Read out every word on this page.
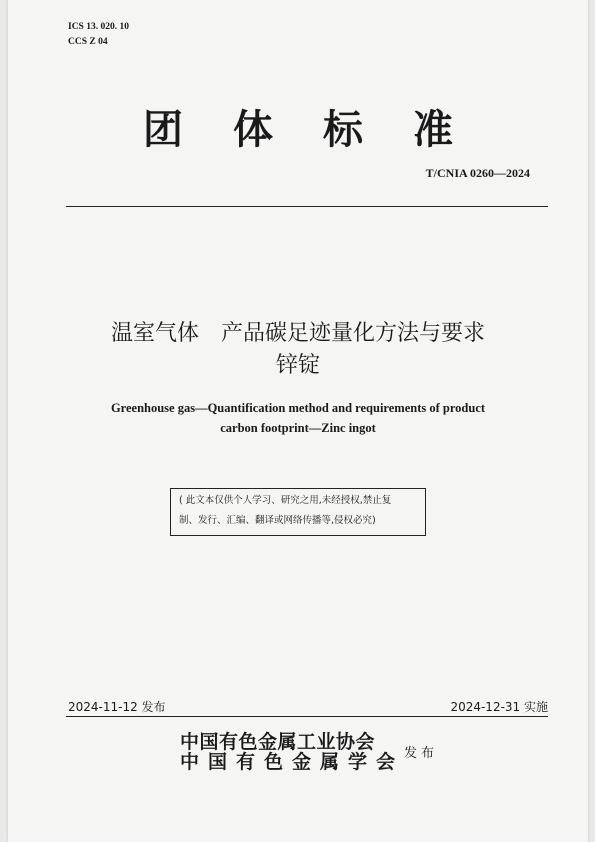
ICS 13. 020. 10
CCS Z 04
团体标准
T/CNIA 0260—2024
温室气体　产品碳足迹量化方法与要求
锌锭
Greenhouse gas—Quantification method and requirements of product
carbon footprint—Zinc ingot
( 此文本仅供个人学习、研究之用,未经授权,禁止复
制、发行、汇编、翻译或网络传播等,侵权必究)
2024-11-12 发布	2024-12-31 实施
中国有色金属工业协会
中国有色金属学会 发布
